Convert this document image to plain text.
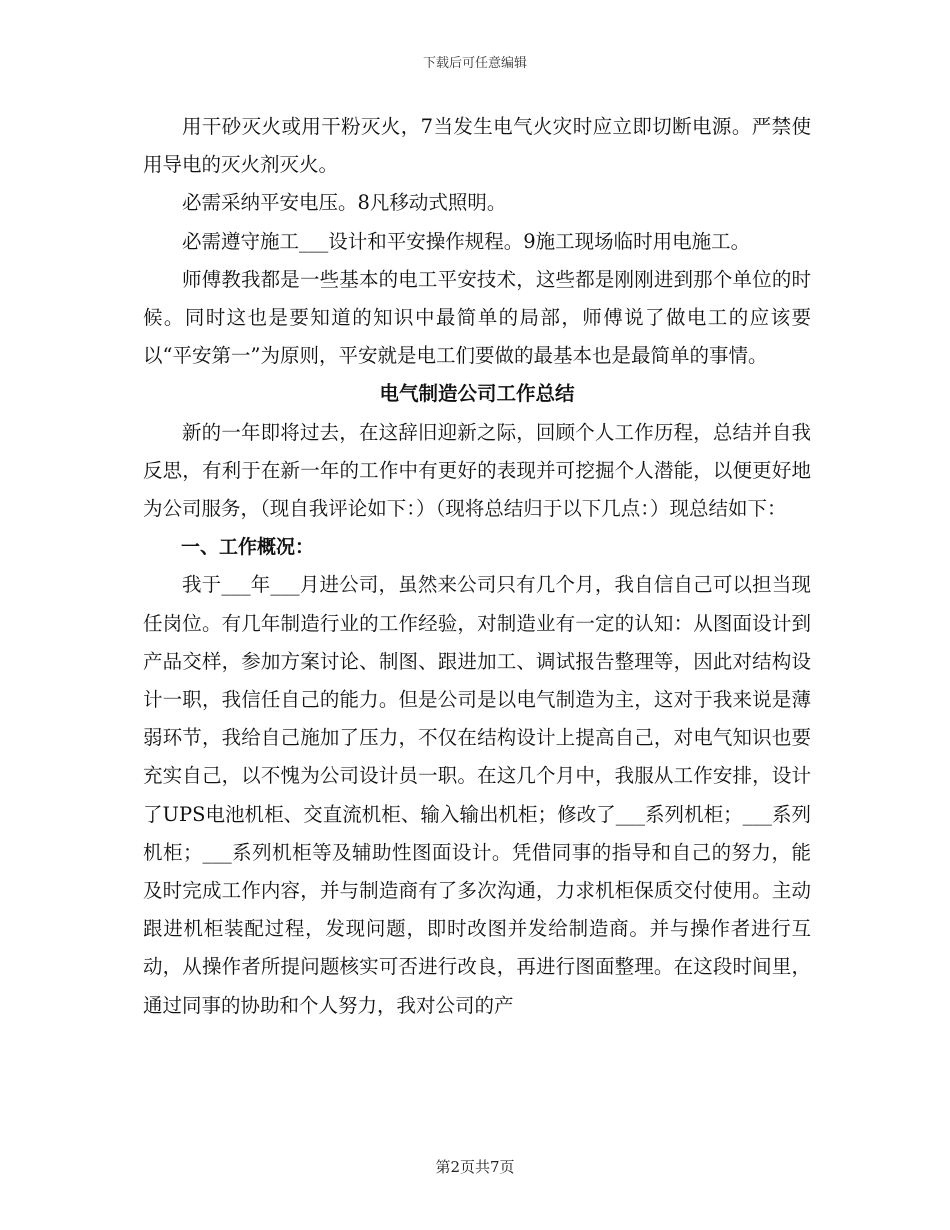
下载后可任意编辑

用干砂灭火或用干粉灭火，7当发生电气火灾时应立即切断电源。严禁使用导电的灭火剂灭火。

必需采纳平安电压。8凡移动式照明。

必需遵守施工___设计和平安操作规程。9施工现场临时用电施工。

师傅教我都是一些基本的电工平安技术，这些都是刚刚进到那个单位的时候。同时这也是要知道的知识中最简单的局部，师傅说了做电工的应该要以“平安第一”为原则，平安就是电工们要做的最基本也是最简单的事情。

电气制造公司工作总结

新的一年即将过去，在这辞旧迎新之际，回顾个人工作历程，总结并自我反思，有利于在新一年的工作中有更好的表现并可挖掘个人潜能，以便更好地为公司服务，（现自我评论如下：）（现将总结归于以下几点：）现总结如下：

一、工作概况：

我于___年___月进公司，虽然来公司只有几个月，我自信自己可以担当现任岗位。有几年制造行业的工作经验，对制造业有一定的认知：从图面设计到产品交样，参加方案讨论、制图、跟进加工、调试报告整理等，因此对结构设计一职，我信任自己的能力。但是公司是以电气制造为主，这对于我来说是薄弱环节，我给自己施加了压力，不仅在结构设计上提高自己，对电气知识也要充实自己，以不愧为公司设计员一职。在这几个月中，我服从工作安排，设计了UPS电池机柜、交直流机柜、输入输出机柜；修改了___系列机柜；___系列机柜；___系列机柜等及辅助性图面设计。凭借同事的指导和自己的努力，能及时完成工作内容，并与制造商有了多次沟通，力求机柜保质交付使用。主动跟进机柜装配过程，发现问题，即时改图并发给制造商。并与操作者进行互动，从操作者所提问题核实可否进行改良，再进行图面整理。在这段时间里，通过同事的协助和个人努力，我对公司的产

第2页共7页
